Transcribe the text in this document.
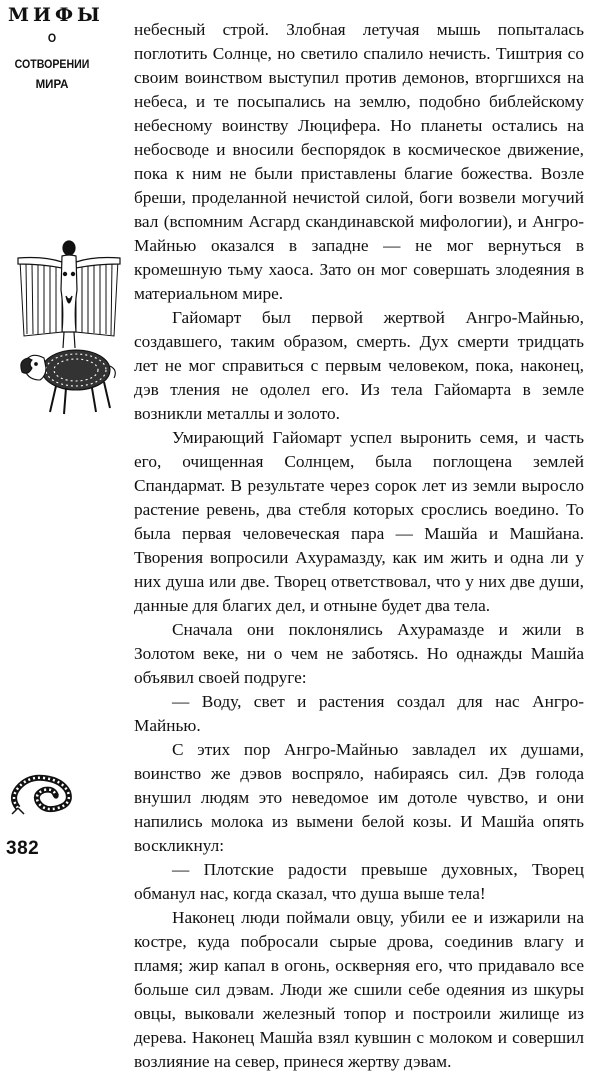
МИФЫ
О СОТВОРЕНИИ
МИРА
382

небесный строй. Злобная летучая мышь попыталась поглотить Солнце, но светило спалило нечисть. Тиштрия со своим воинством выступил против демонов, вторгшихся на небеса, и те посыпались на землю, подобно библейскому небесному воинству Люцифера. Но планеты остались на небосводе и вносили беспорядок в космическое движение, пока к ним не были приставлены благие божества. Возле бреши, проделанной нечистой силой, боги возвели могучий вал (вспомним Асгард скандинавской мифологии), и Ангро-Майнью оказался в западне — не мог вернуться в кромешную тьму хаоса. Зато он мог совершать злодеяния в материальном мире.

Гайомарт был первой жертвой Ангро-Майнью, создавшего, таким образом, смерть. Дух смерти тридцать лет не мог справиться с первым человеком, пока, наконец, дэв тления не одолел его. Из тела Гайомарта в земле возникли металлы и золото.

Умирающий Гайомарт успел выронить семя, и часть его, очищенная Солнцем, была поглощена землей Спандармат. В результате через сорок лет из земли выросло растение ревень, два стебля которых срослись воедино. То была первая человеческая пара — Машйа и Машйана. Творения вопросили Ахурамазду, как им жить и одна ли у них душа или две. Творец ответствовал, что у них две души, данные для благих дел, и отныне будет два тела.

Сначала они поклонялись Ахурамазде и жили в Золотом веке, ни о чем не заботясь. Но однажды Машйа объявил своей подруге:

— Воду, свет и растения создал для нас Ангро-Майнью.

С этих пор Ангро-Майнью завладел их душами, воинство же дэвов воспряло, набираясь сил. Дэв голода внушил людям это неведомое им дотоле чувство, и они напились молока из вымени белой козы. И Машйа опять воскликнул:

— Плотские радости превыше духовных, Творец обманул нас, когда сказал, что душа выше тела!

Наконец люди поймали овцу, убили ее и изжарили на костре, куда побросали сырые дрова, соединив влагу и пламя; жир капал в огонь, оскверняя его, что придавало все больше сил дэвам. Люди же сшили себе одеяния из шкуры овцы, выковали железный топор и построили жилище из дерева. Наконец Машйа взял кувшин с молоком и совершил возлияние на север, принеся жертву дэвам.
